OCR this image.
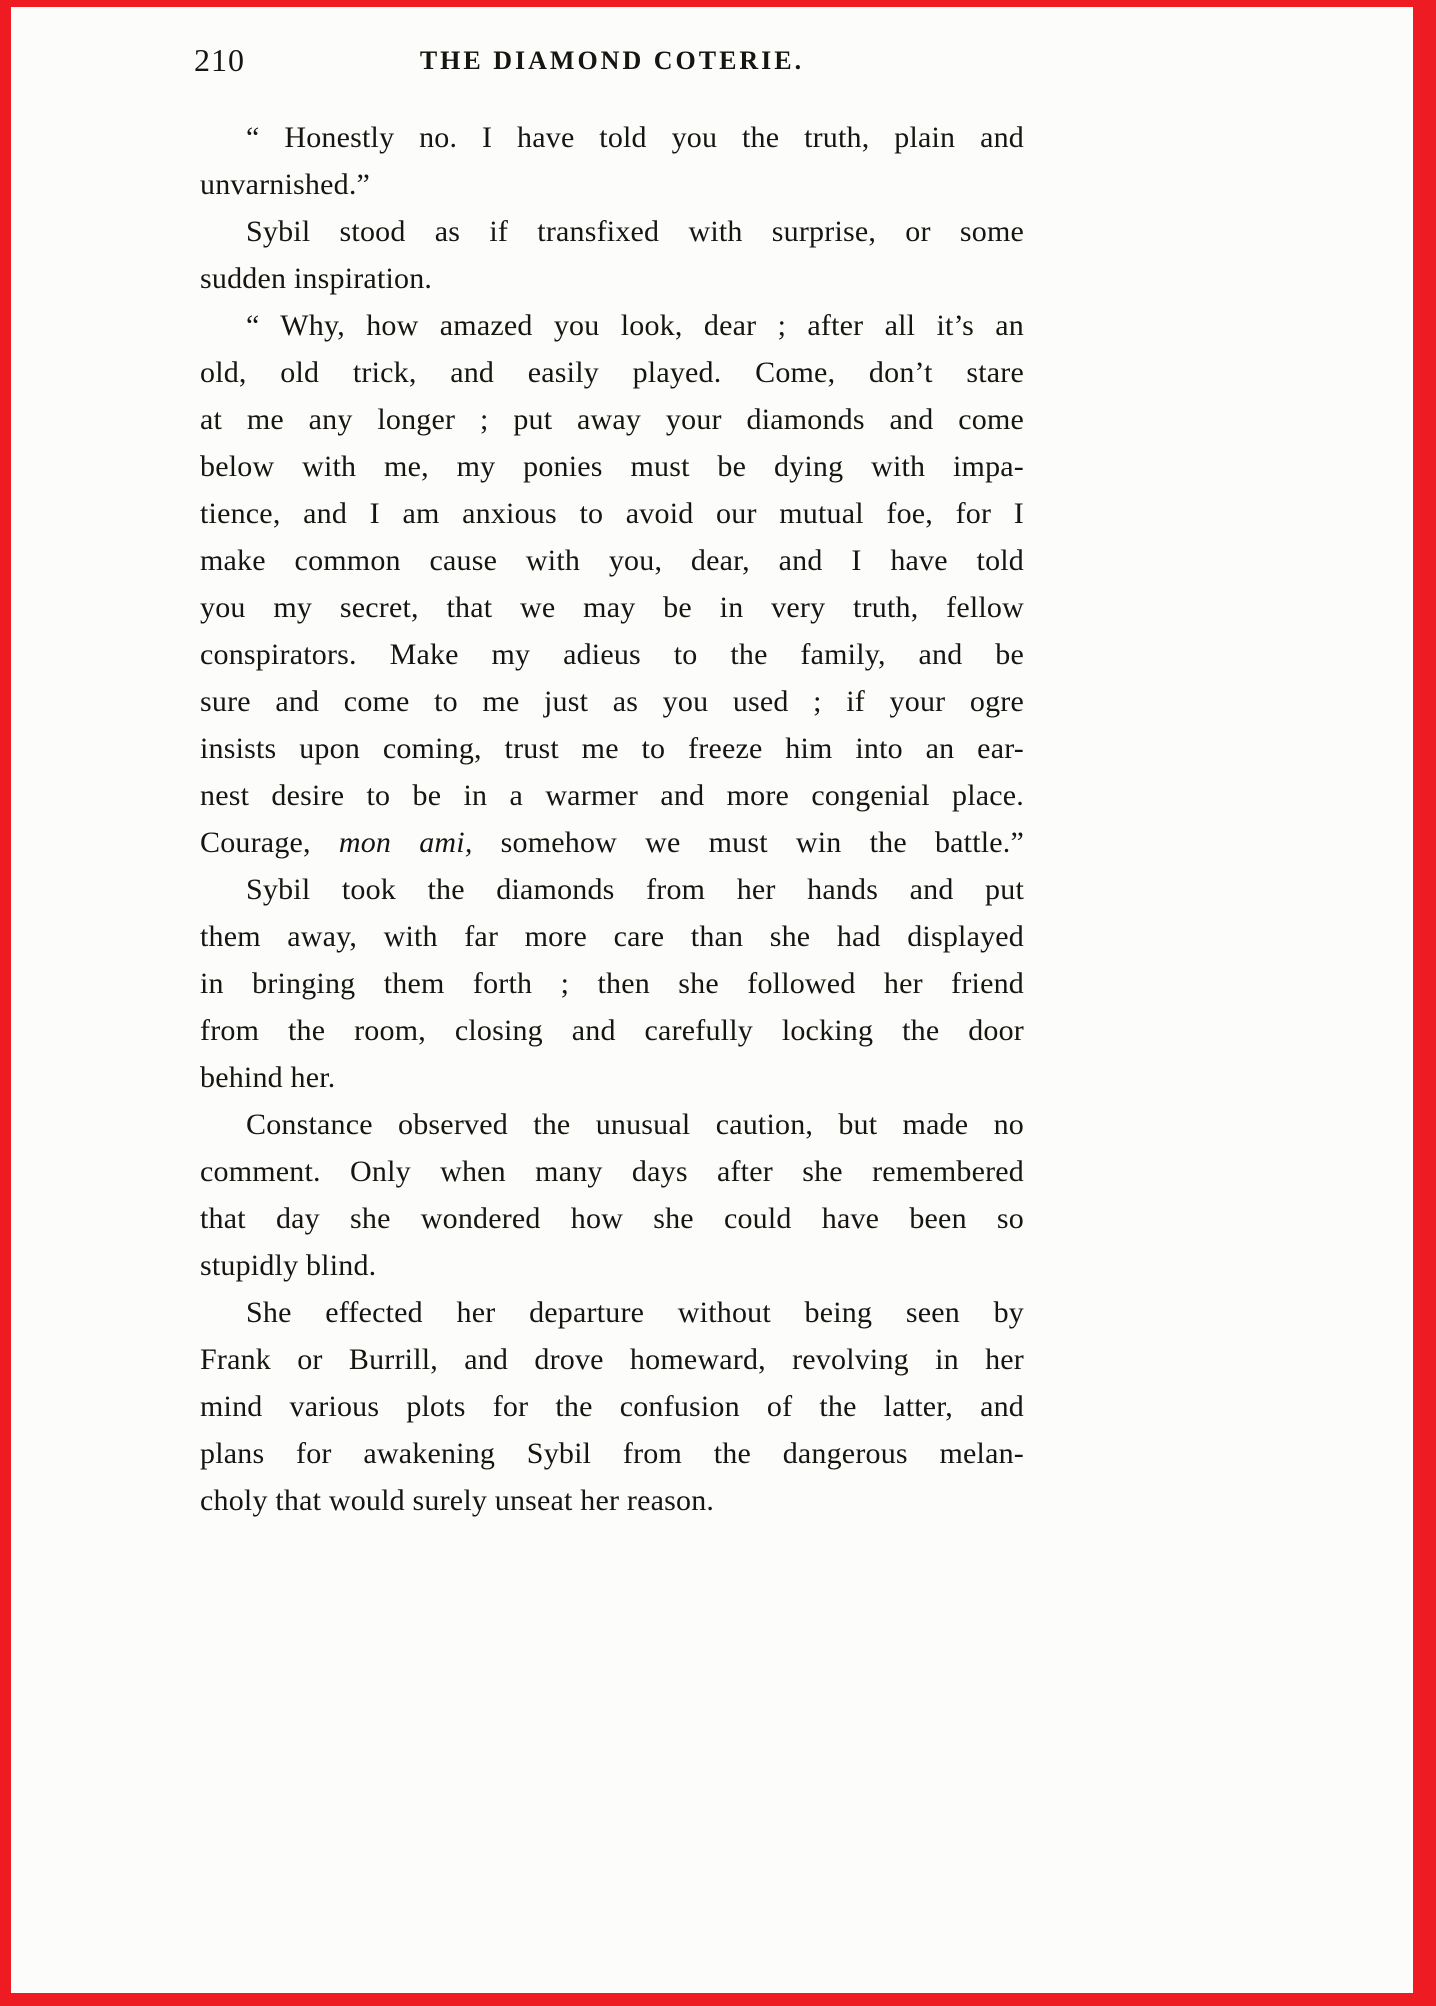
210	THE DIAMOND COTERIE.
“ Honestly no. I have told you the truth, plain and
unvarnished.”
Sybil stood as if transfixed with surprise, or some
sudden inspiration.
“ Why, how amazed you look, dear ; after all it’s an
old, old trick, and easily played. Come, don’t stare
at me any longer ; put away your diamonds and come
below with me, my ponies must be dying with impa-
tience, and I am anxious to avoid our mutual foe, for I
make common cause with you, dear, and I have told
you my secret, that we may be in very truth, fellow
conspirators. Make my adieus to the family, and be
sure and come to me just as you used ; if your ogre
insists upon coming, trust me to freeze him into an ear-
nest desire to be in a warmer and more congenial place.
Courage, mon ami, somehow we must win the battle.”
Sybil took the diamonds from her hands and put
them away, with far more care than she had displayed
in bringing them forth ; then she followed her friend
from the room, closing and carefully locking the door
behind her.
Constance observed the unusual caution, but made no
comment. Only when many days after she remembered
that day she wondered how she could have been so
stupidly blind.
She effected her departure without being seen by
Frank or Burrill, and drove homeward, revolving in her
mind various plots for the confusion of the latter, and
plans for awakening Sybil from the dangerous melan-
choly that would surely unseat her reason.
